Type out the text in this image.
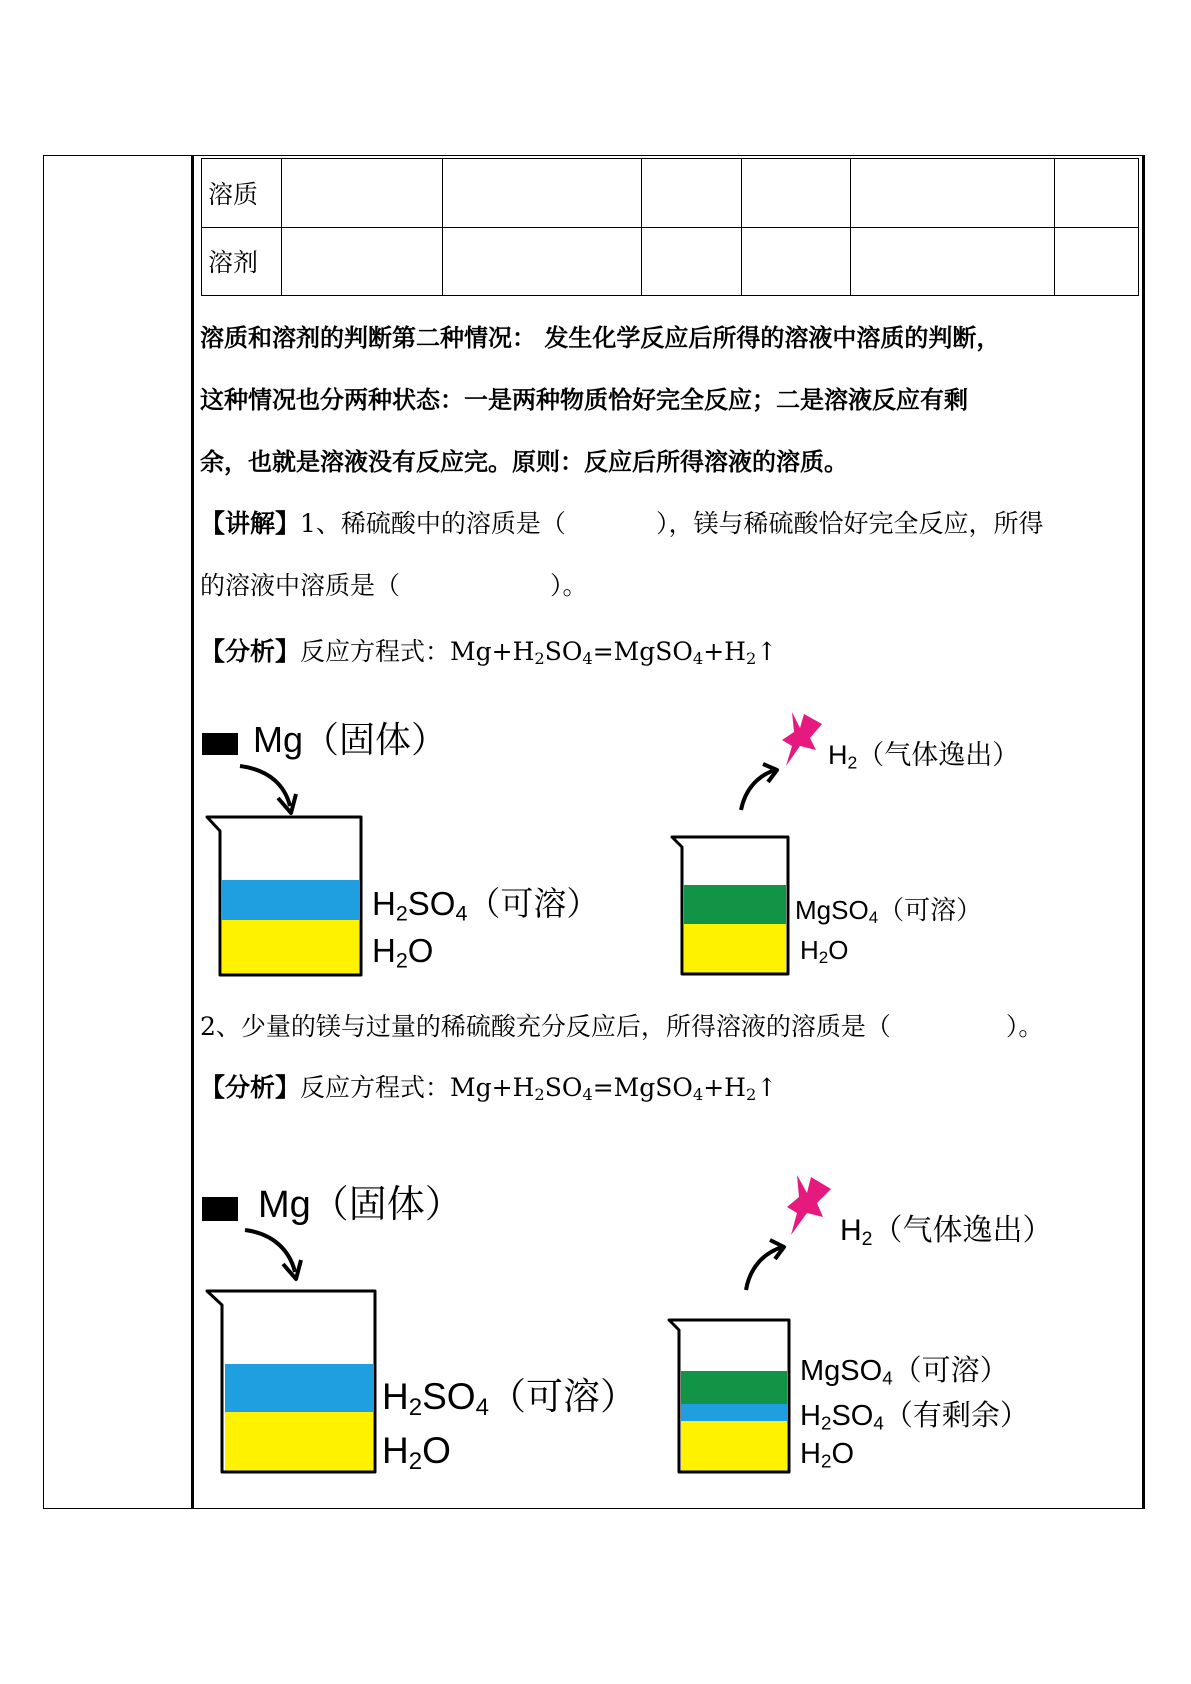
溶质						
溶剂						
溶质和溶剂的判断第二种情况： 发生化学反应后所得的溶液中溶质的判断，
这种情况也分两种状态：一是两种物质恰好完全反应；二是溶液反应有剩
余，也就是溶液没有反应完。原则：反应后所得溶液的溶质。
【讲解】1、稀硫酸中的溶质是（	），镁与稀硫酸恰好完全反应，所得
的溶液中溶质是（	）。
【分析】反应方程式：$Mg+H_2SO_4=MgSO_4+H_2↑$
Mg（固体）
$H_2SO_4$（可溶）
$H_2O$
$H_2$（气体逸出）
MgSO$_4$（可溶）
$H_2O$
2、少量的镁与过量的稀硫酸充分反应后，所得溶液的溶质是（	）。
【分析】反应方程式：$Mg+H_2SO_4=MgSO_4+H_2↑$
Mg（固体）
$H_2SO_4$（可溶）
$H_2O$
$H_2$（气体逸出）
MgSO$_4$（可溶）
$H_2SO_4$（有剩余）
$H_2O$
